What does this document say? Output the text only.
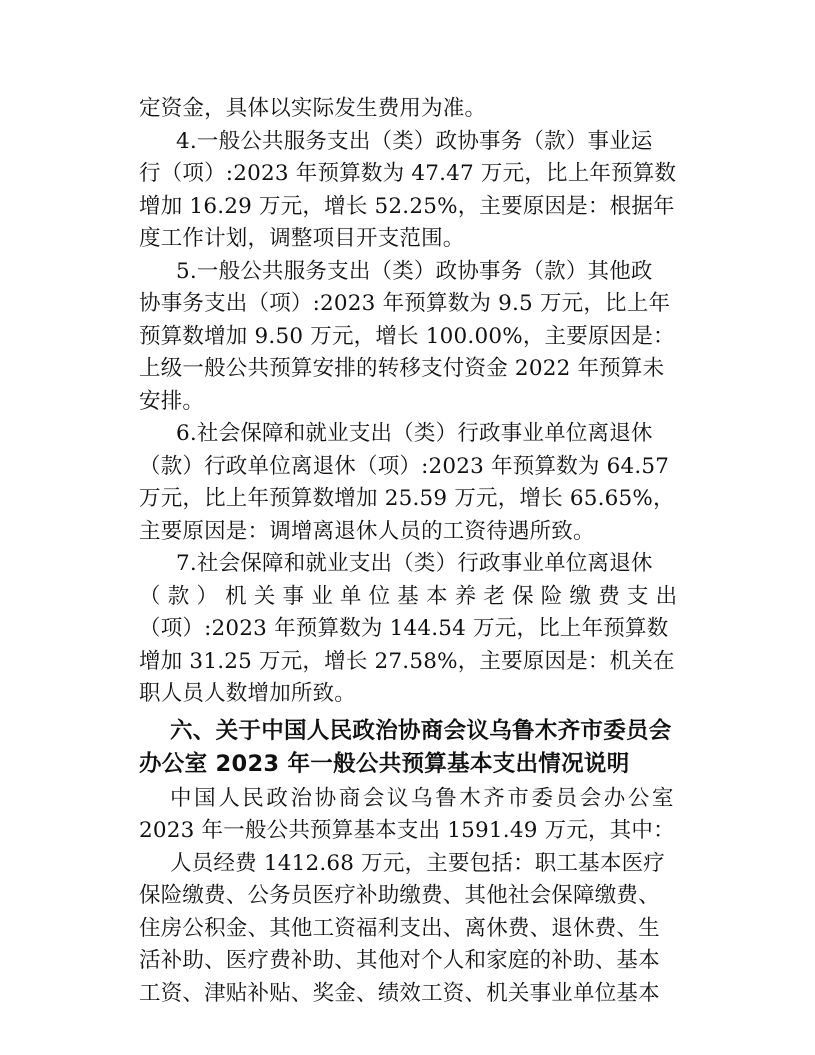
定资金，具体以实际发生费用为准。
4.一般公共服务支出（类）政协事务（款）事业运
行（项）:2023 年预算数为 47.47 万元，比上年预算数
增加 16.29 万元，增长 52.25%，主要原因是：根据年
度工作计划，调整项目开支范围。
5.一般公共服务支出（类）政协事务（款）其他政
协事务支出（项）:2023 年预算数为 9.5 万元，比上年
预算数增加 9.50 万元，增长 100.00%，主要原因是：
上级一般公共预算安排的转移支付资金 2022 年预算未
安排。
6.社会保障和就业支出（类）行政事业单位离退休
（款）行政单位离退休（项）:2023 年预算数为 64.57
万元，比上年预算数增加 25.59 万元，增长 65.65%，
主要原因是：调增离退休人员的工资待遇所致。
7.社会保障和就业支出（类）行政事业单位离退休
（款）机关事业单位基本养老保险缴费支出
（项）:2023 年预算数为 144.54 万元，比上年预算数
增加 31.25 万元，增长 27.58%，主要原因是：机关在
职人员人数增加所致。
六、关于中国人民政治协商会议乌鲁木齐市委员会
办公室 2023 年一般公共预算基本支出情况说明
中国人民政治协商会议乌鲁木齐市委员会办公室
2023 年一般公共预算基本支出 1591.49 万元，其中：
人员经费 1412.68 万元，主要包括：职工基本医疗
保险缴费、公务员医疗补助缴费、其他社会保障缴费、
住房公积金、其他工资福利支出、离休费、退休费、生
活补助、医疗费补助、其他对个人和家庭的补助、基本
工资、津贴补贴、奖金、绩效工资、机关事业单位基本
